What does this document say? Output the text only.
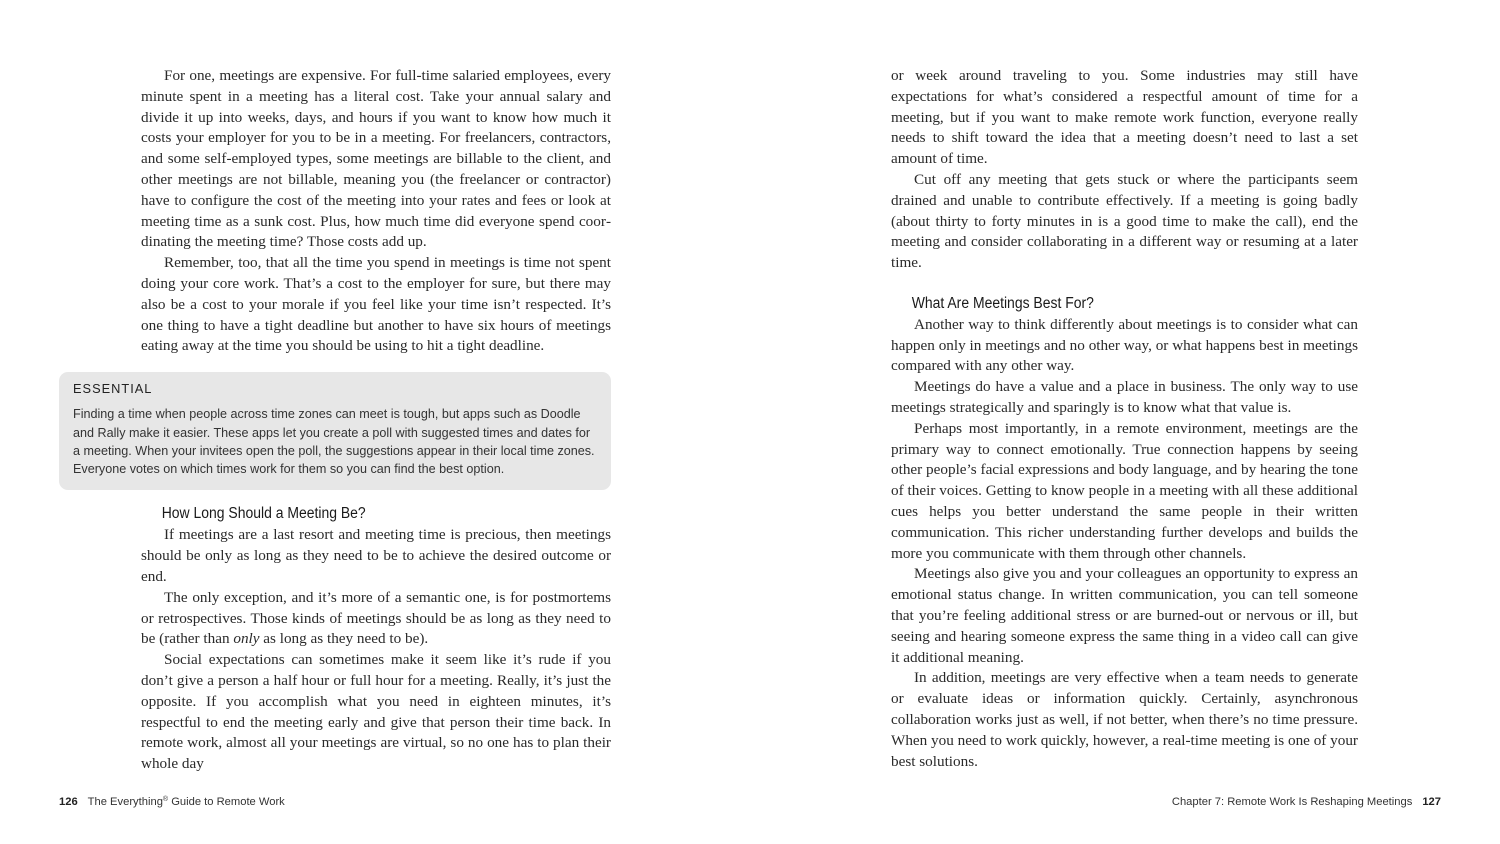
For one, meetings are expensive. For full-time salaried employees, every minute spent in a meeting has a literal cost. Take your annual salary and divide it up into weeks, days, and hours if you want to know how much it costs your employer for you to be in a meeting. For freelancers, contractors, and some self-employed types, some meetings are billable to the client, and other meetings are not billable, meaning you (the freelancer or contractor) have to configure the cost of the meeting into your rates and fees or look at meeting time as a sunk cost. Plus, how much time did everyone spend coordinating the meeting time? Those costs add up.

Remember, too, that all the time you spend in meetings is time not spent doing your core work. That’s a cost to the employer for sure, but there may also be a cost to your morale if you feel like your time isn’t respected. It’s one thing to have a tight deadline but another to have six hours of meetings eating away at the time you should be using to hit a tight deadline.

ESSENTIAL
Finding a time when people across time zones can meet is tough, but apps such as Doodle and Rally make it easier. These apps let you create a poll with suggested times and dates for a meeting. When your invitees open the poll, the suggestions appear in their local time zones. Everyone votes on which times work for them so you can find the best option.
How Long Should a Meeting Be?

If meetings are a last resort and meeting time is precious, then meetings should be only as long as they need to be to achieve the desired outcome or end.

The only exception, and it’s more of a semantic one, is for postmortems or retrospectives. Those kinds of meetings should be as long as they need to be (rather than only as long as they need to be).

Social expectations can sometimes make it seem like it’s rude if you don’t give a person a half hour or full hour for a meeting. Really, it’s just the opposite. If you accomplish what you need in eighteen minutes, it’s respectful to end the meeting early and give that person their time back. In remote work, almost all your meetings are virtual, so no one has to plan their whole day

or week around traveling to you. Some industries may still have expectations for what’s considered a respectful amount of time for a meeting, but if you want to make remote work function, everyone really needs to shift toward the idea that a meeting doesn’t need to last a set amount of time.

Cut off any meeting that gets stuck or where the participants seem drained and unable to contribute effectively. If a meeting is going badly (about thirty to forty minutes in is a good time to make the call), end the meeting and consider collaborating in a different way or resuming at a later time.

What Are Meetings Best For?

Another way to think differently about meetings is to consider what can happen only in meetings and no other way, or what happens best in meetings compared with any other way.

Meetings do have a value and a place in business. The only way to use meetings strategically and sparingly is to know what that value is.

Perhaps most importantly, in a remote environment, meetings are the primary way to connect emotionally. True connection happens by seeing other people’s facial expressions and body language, and by hearing the tone of their voices. Getting to know people in a meeting with all these additional cues helps you better understand the same people in their written communication. This richer understanding further develops and builds the more you communicate with them through other channels.

Meetings also give you and your colleagues an opportunity to express an emotional status change. In written communication, you can tell someone that you’re feeling additional stress or are burned-out or nervous or ill, but seeing and hearing someone express the same thing in a video call can give it additional meaning.

In addition, meetings are very effective when a team needs to generate or evaluate ideas or information quickly. Certainly, asynchronous collaboration works just as well, if not better, when there’s no time pressure. When you need to work quickly, however, a real-time meeting is one of your best solutions.

126 The Everything® Guide to Remote Work	Chapter 7: Remote Work Is Reshaping Meetings 127
